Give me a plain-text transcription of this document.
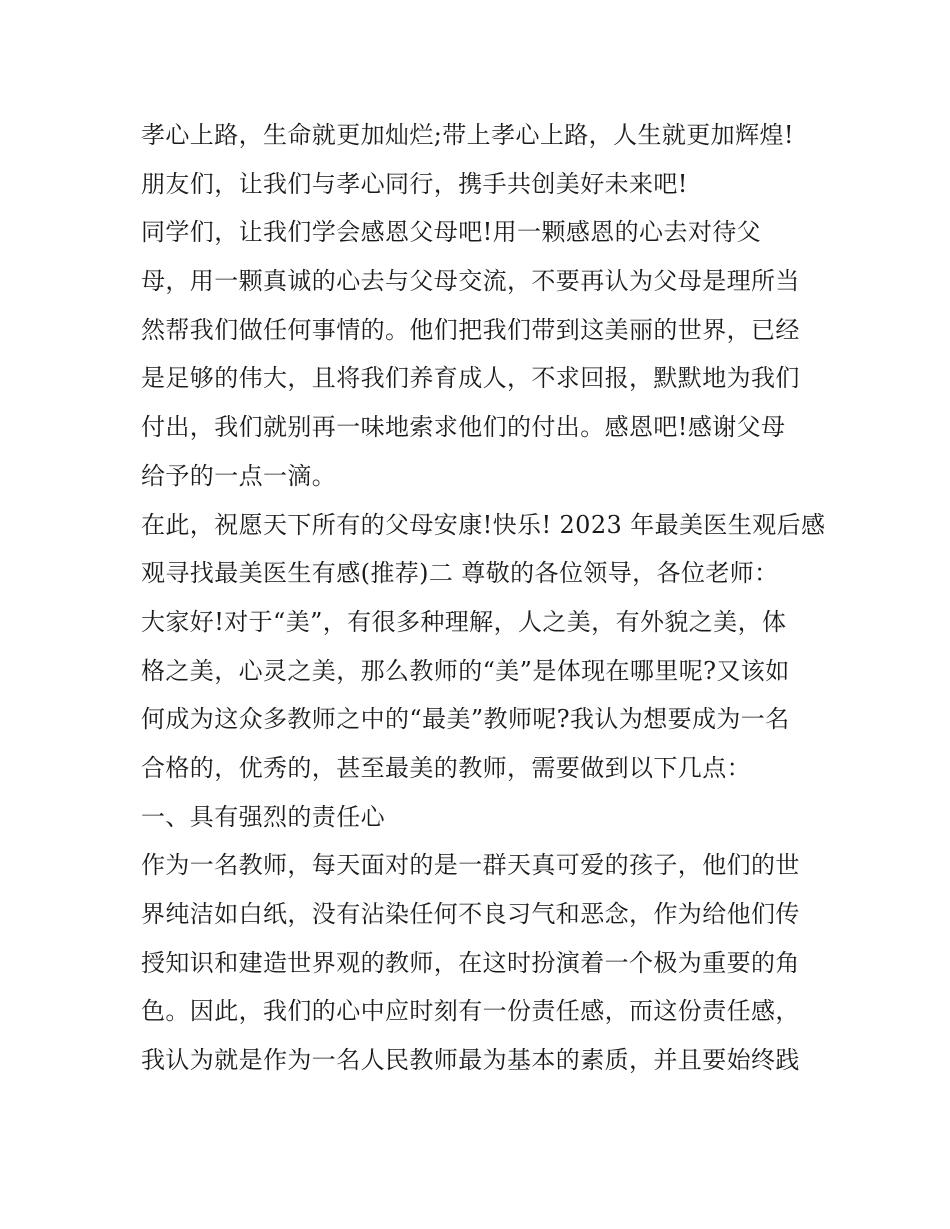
孝心上路，生命就更加灿烂;带上孝心上路，人生就更加辉煌!
朋友们，让我们与孝心同行，携手共创美好未来吧!
同学们，让我们学会感恩父母吧!用一颗感恩的心去对待父
母，用一颗真诚的心去与父母交流，不要再认为父母是理所当
然帮我们做任何事情的。他们把我们带到这美丽的世界，已经
是足够的伟大，且将我们养育成人，不求回报，默默地为我们
付出，我们就别再一味地索求他们的付出。感恩吧!感谢父母
给予的一点一滴。
在此，祝愿天下所有的父母安康!快乐! 2023 年最美医生观后感
观寻找最美医生有感(推荐)二 尊敬的各位领导，各位老师：
大家好!对于“美”，有很多种理解，人之美，有外貌之美，体
格之美，心灵之美，那么教师的“美”是体现在哪里呢?又该如
何成为这众多教师之中的“最美”教师呢?我认为想要成为一名
合格的，优秀的，甚至最美的教师，需要做到以下几点：
一、具有强烈的责任心
作为一名教师，每天面对的是一群天真可爱的孩子，他们的世
界纯洁如白纸，没有沾染任何不良习气和恶念，作为给他们传
授知识和建造世界观的教师，在这时扮演着一个极为重要的角
色。因此，我们的心中应时刻有一份责任感，而这份责任感，
我认为就是作为一名人民教师最为基本的素质，并且要始终践
